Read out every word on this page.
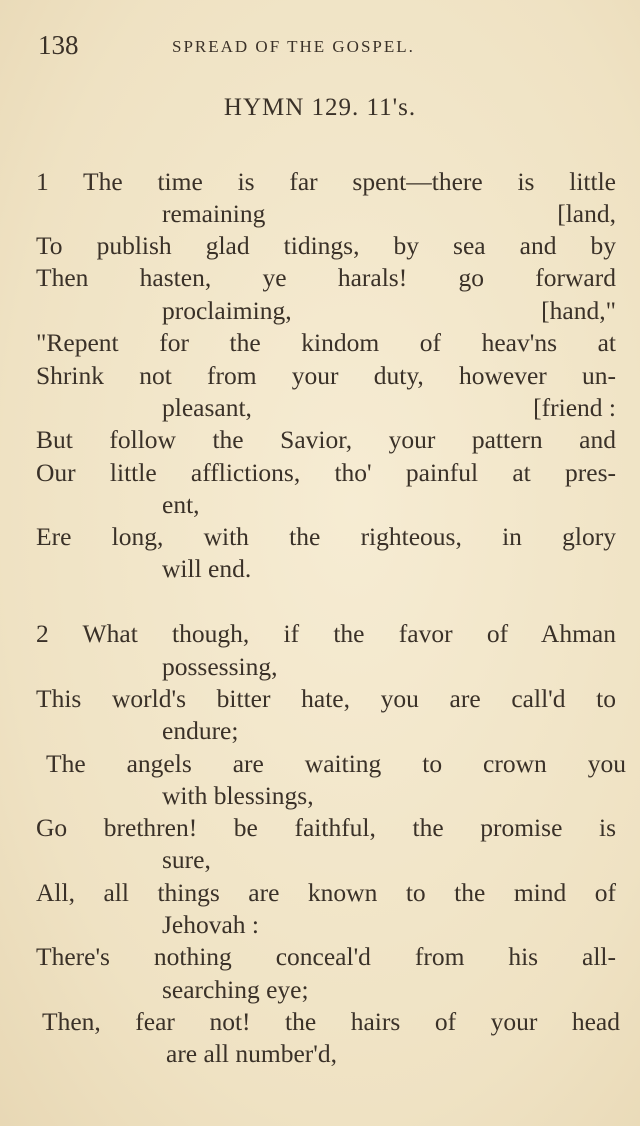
138	SPREAD OF THE GOSPEL.
HYMN 129. 11's.
1 The time is far spent—there is little
remaining	[land,
To publish glad tidings, by sea and by
Then hasten, ye harals! go forward
proclaiming,	[hand,"
"Repent for the kindom of heav'ns at
Shrink not from your duty, however un-
pleasant,	[friend :
But follow the Savior, your pattern and
Our little afflictions, tho' painful at pres-
ent,
Ere long, with the righteous, in glory
will end.
2 What though, if the favor of Ahman
possessing,
This world's bitter hate, you are call'd to
endure;
The angels are waiting to crown you
with blessings,
Go brethren! be faithful, the promise is
sure,
All, all things are known to the mind of
Jehovah :
There's nothing conceal'd from his all-
searching eye;
Then, fear not! the hairs of your head
are all number'd,
